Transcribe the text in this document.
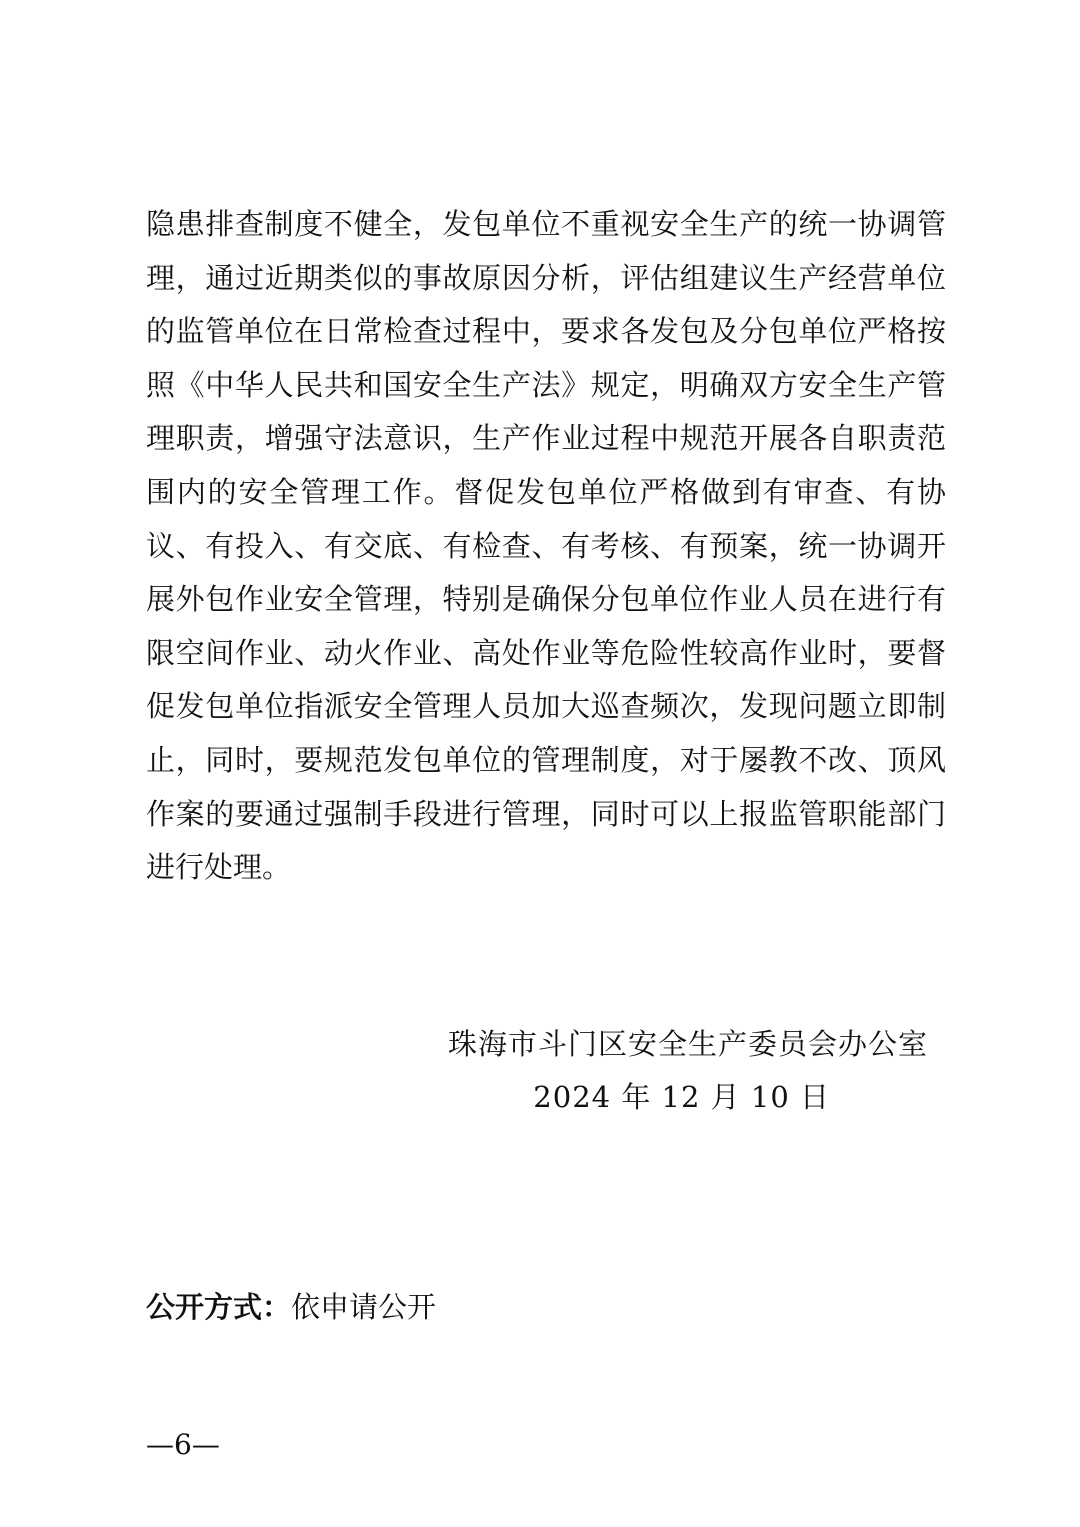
隐患排查制度不健全，发包单位不重视安全生产的统一协调管
理，通过近期类似的事故原因分析，评估组建议生产经营单位
的监管单位在日常检查过程中，要求各发包及分包单位严格按
照《中华人民共和国安全生产法》规定，明确双方安全生产管
理职责，增强守法意识，生产作业过程中规范开展各自职责范
围内的安全管理工作。督促发包单位严格做到有审查、有协
议、有投入、有交底、有检查、有考核、有预案，统一协调开
展外包作业安全管理，特别是确保分包单位作业人员在进行有
限空间作业、动火作业、高处作业等危险性较高作业时，要督
促发包单位指派安全管理人员加大巡查频次，发现问题立即制
止，同时，要规范发包单位的管理制度，对于屡教不改、顶风
作案的要通过强制手段进行管理，同时可以上报监管职能部门
进行处理。
珠海市斗门区安全生产委员会办公室
2024 年 12 月 10 日
公开方式：依申请公开
—6—
